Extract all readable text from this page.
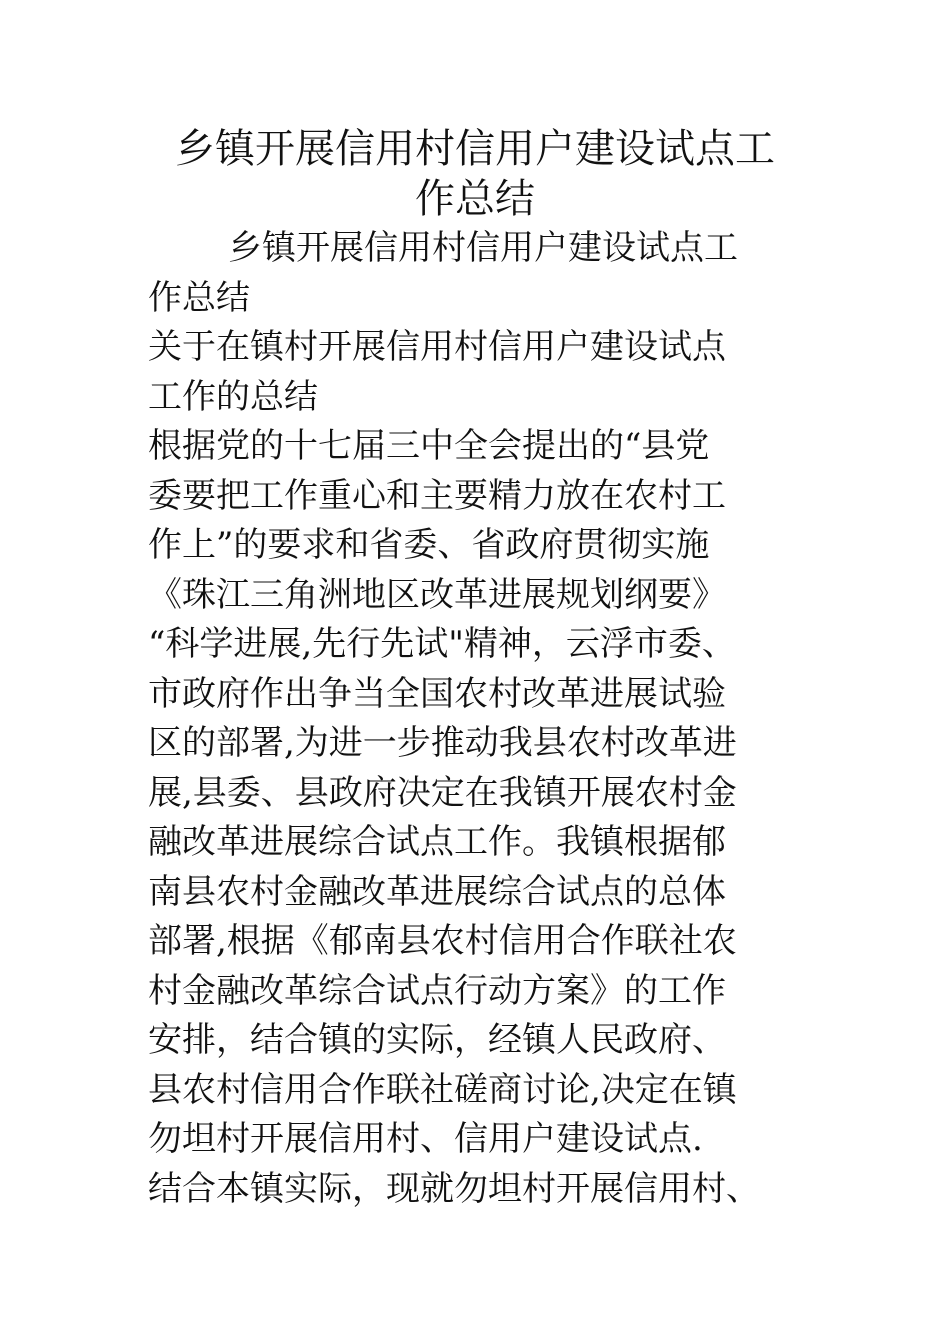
乡镇开展信用村信用户建设试点工
作总结
乡镇开展信用村信用户建设试点工
作总结
关于在镇村开展信用村信用户建设试点
工作的总结
根据党的十七届三中全会提出的“县党
委要把工作重心和主要精力放在农村工
作上”的要求和省委、省政府贯彻实施
《珠江三角洲地区改革进展规划纲要》
“科学进展,先行先试"精神，云浮市委、
市政府作出争当全国农村改革进展试验
区的部署,为进一步推动我县农村改革进
展,县委、县政府决定在我镇开展农村金
融改革进展综合试点工作。我镇根据郁
南县农村金融改革进展综合试点的总体
部署,根据《郁南县农村信用合作联社农
村金融改革综合试点行动方案》的工作
安排，结合镇的实际，经镇人民政府、
县农村信用合作联社磋商讨论,决定在镇
勿坦村开展信用村、信用户建设试点.
结合本镇实际，现就勿坦村开展信用村、
